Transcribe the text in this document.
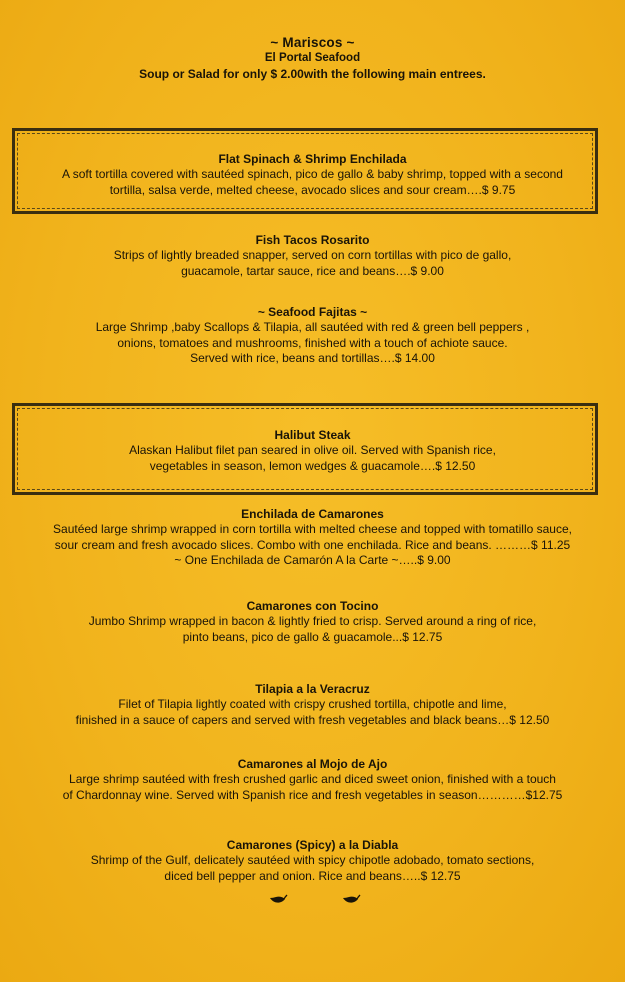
~ Mariscos ~
El Portal Seafood
Soup or Salad for only $ 2.00with the following main entrees.
Flat Spinach & Shrimp Enchilada
A soft tortilla covered with sautéed spinach, pico de gallo & baby shrimp, topped with a second
tortilla, salsa verde, melted cheese, avocado slices and sour cream….$ 9.75
Fish Tacos Rosarito
Strips of lightly breaded snapper, served on corn tortillas with pico de gallo,
guacamole, tartar sauce, rice and beans….$ 9.00
~ Seafood Fajitas ~
Large Shrimp ,baby Scallops & Tilapia, all sautéed with red & green bell peppers ,
onions, tomatoes and mushrooms, finished with a touch of achiote sauce.
Served with rice, beans and tortillas….$ 14.00
Halibut Steak
Alaskan Halibut filet pan seared in olive oil. Served with Spanish rice,
vegetables in season, lemon wedges & guacamole….$ 12.50
Enchilada de Camarones
Sautéed large shrimp wrapped in corn tortilla with melted cheese and topped with tomatillo sauce,
sour cream and fresh avocado slices. Combo with one enchilada. Rice and beans. ………$ 11.25
~ One Enchilada de Camarón A la Carte ~…..$ 9.00
Camarones con Tocino
Jumbo Shrimp wrapped in bacon & lightly fried to crisp. Served around a ring of rice,
pinto beans, pico de gallo & guacamole...$ 12.75
Tilapia a la Veracruz
Filet of Tilapia lightly coated with crispy crushed tortilla, chipotle and lime,
finished in a sauce of capers and served with fresh vegetables and black beans…$ 12.50
Camarones al Mojo de Ajo
Large shrimp sautéed with fresh crushed garlic and diced sweet onion, finished with a touch
of Chardonnay wine. Served with Spanish rice and fresh vegetables in season…………$12.75
Camarones (Spicy) a la Diabla
Shrimp of the Gulf, delicately sautéed with spicy chipotle adobado, tomato sections,
diced bell pepper and onion. Rice and beans…..$ 12.75
